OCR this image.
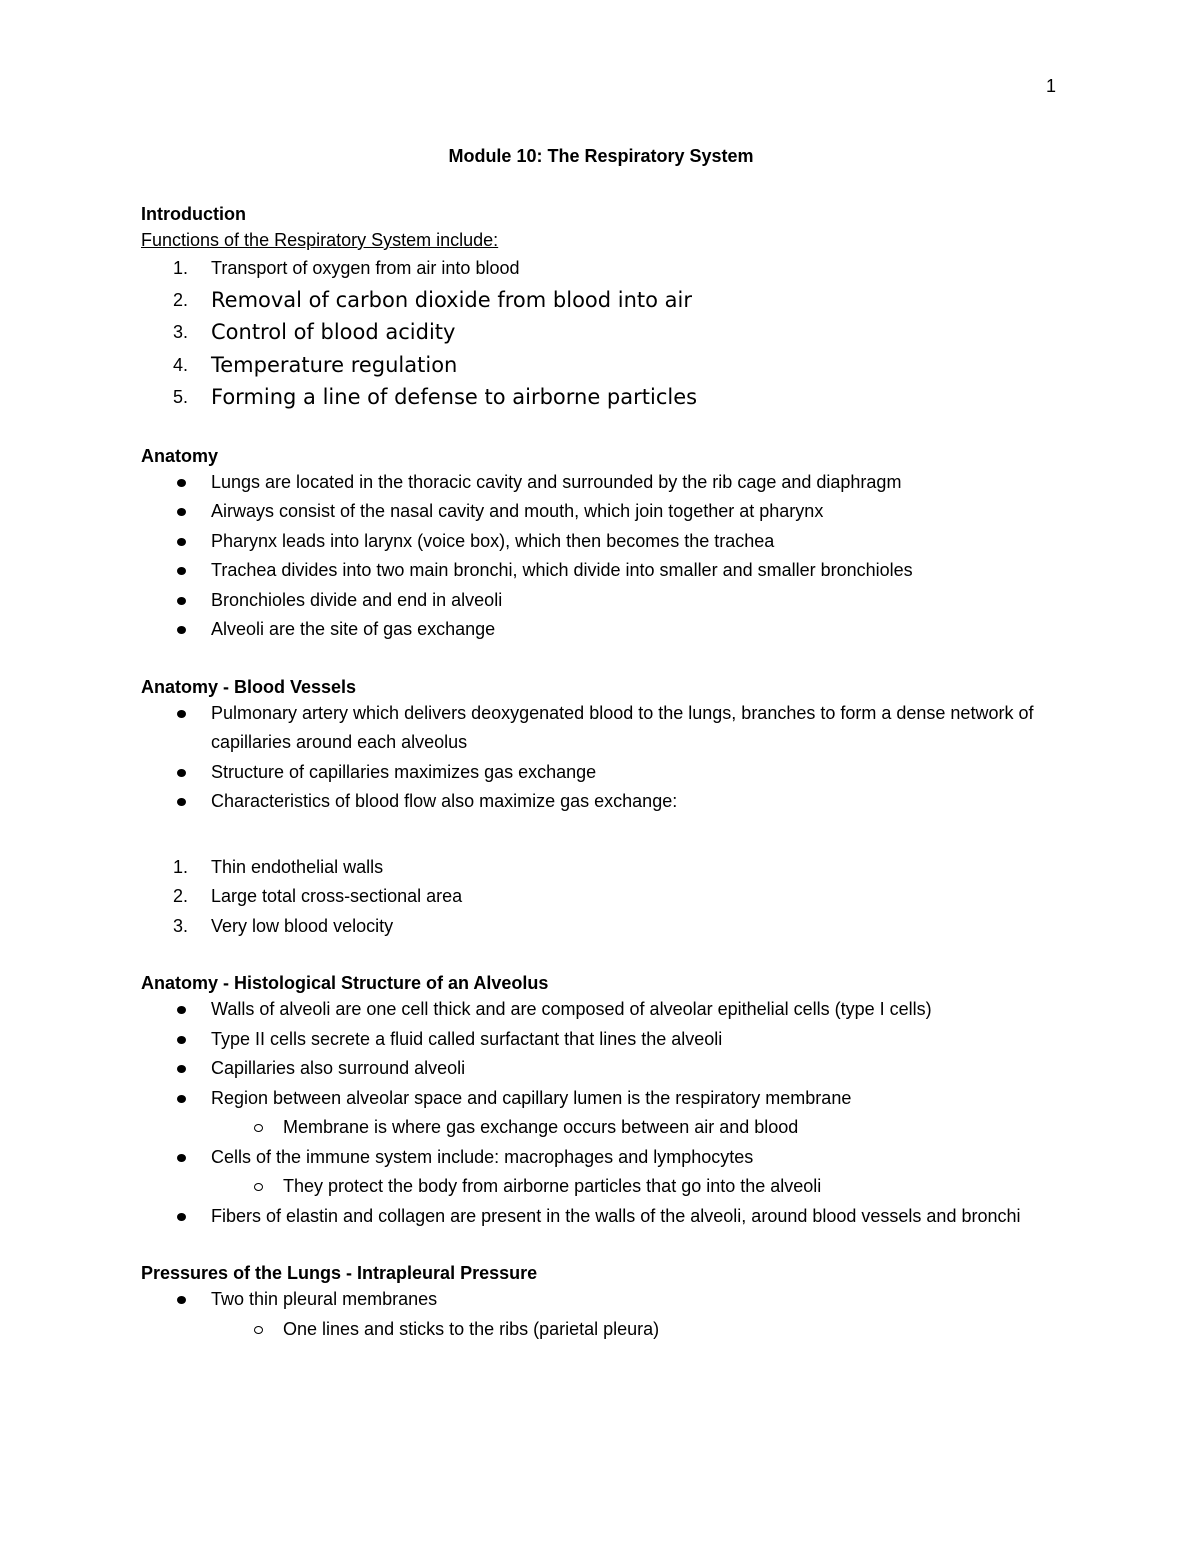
1
Module 10: The Respiratory System
Introduction
Functions of the Respiratory System include:
1.	Transport of oxygen from air into blood
2.	Removal of carbon dioxide from blood into air
3.	Control of blood acidity
4.	Temperature regulation
5.	Forming a line of defense to airborne particles
Anatomy
Lungs are located in the thoracic cavity and surrounded by the rib cage and diaphragm
Airways consist of the nasal cavity and mouth, which join together at pharynx
Pharynx leads into larynx (voice box), which then becomes the trachea
Trachea divides into two main bronchi, which divide into smaller and smaller bronchioles
Bronchioles divide and end in alveoli
Alveoli are the site of gas exchange
Anatomy - Blood Vessels
Pulmonary artery which delivers deoxygenated blood to the lungs, branches to form a dense network of capillaries around each alveolus
Structure of capillaries maximizes gas exchange
Characteristics of blood flow also maximize gas exchange:
1.	Thin endothelial walls
2.	Large total cross-sectional area
3.	Very low blood velocity
Anatomy - Histological Structure of an Alveolus
Walls of alveoli are one cell thick and are composed of alveolar epithelial cells (type I cells)
Type II cells secrete a fluid called surfactant that lines the alveoli
Capillaries also surround alveoli
Region between alveolar space and capillary lumen is the respiratory membrane
Membrane is where gas exchange occurs between air and blood
Cells of the immune system include: macrophages and lymphocytes
They protect the body from airborne particles that go into the alveoli
Fibers of elastin and collagen are present in the walls of the alveoli, around blood vessels and bronchi
Pressures of the Lungs - Intrapleural Pressure
Two thin pleural membranes
One lines and sticks to the ribs (parietal pleura)
